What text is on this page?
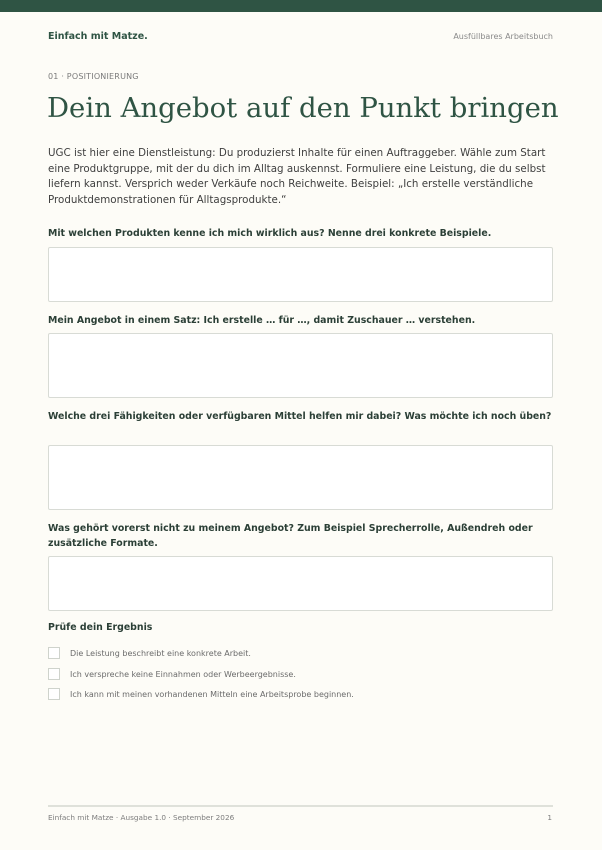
Einfach mit Matze.	Ausfüllbares Arbeitsbuch
01 · POSITIONIERUNG
Dein Angebot auf den Punkt bringen

UGC ist hier eine Dienstleistung: Du produzierst Inhalte für einen Auftraggeber. Wähle zum Start eine Produktgruppe, mit der du dich im Alltag auskennst. Formuliere eine Leistung, die du selbst liefern kannst. Versprich weder Verkäufe noch Reichweite. Beispiel: „Ich erstelle verständliche Produktdemonstrationen für Alltagsprodukte.“

Mit welchen Produkten kenne ich mich wirklich aus? Nenne drei konkrete Beispiele.

Mein Angebot in einem Satz: Ich erstelle … für …, damit Zuschauer … verstehen.

Welche drei Fähigkeiten oder verfügbaren Mittel helfen mir dabei? Was möchte ich noch üben?

Was gehört vorerst nicht zu meinem Angebot? Zum Beispiel Sprecherrolle, Außendreh oder zusätzliche Formate.

Prüfe dein Ergebnis
Die Leistung beschreibt eine konkrete Arbeit.
Ich verspreche keine Einnahmen oder Werbeergebnisse.
Ich kann mit meinen vorhandenen Mitteln eine Arbeitsprobe beginnen.
Einfach mit Matze · Ausgabe 1.0 · September 2026	1
